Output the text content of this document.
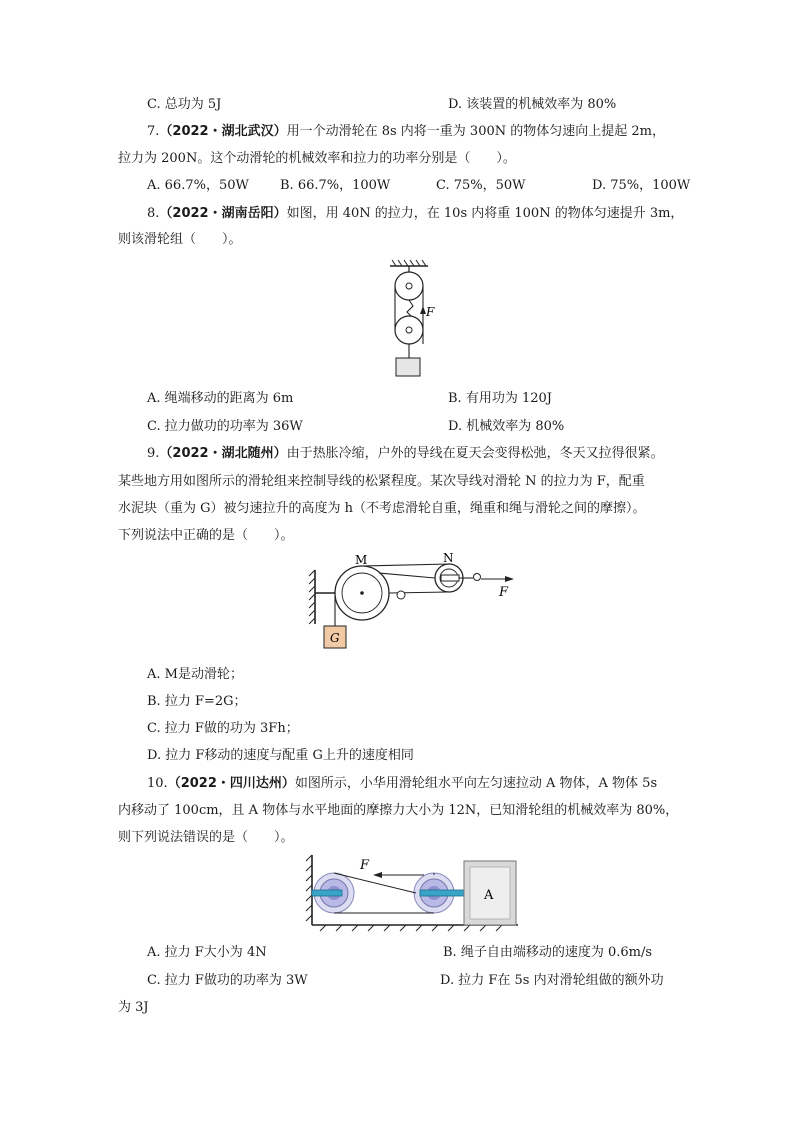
C. 总功为 5J	D. 该装置的机械效率为 80%
7.（2022・湖北武汉）用一个动滑轮在 8s 内将一重为 300N 的物体匀速向上提起 2m，
拉力为 200N。这个动滑轮的机械效率和拉力的功率分别是（　　）。
A. 66.7%，50W B. 66.7%，100W	C. 75%，50W	D. 75%，100W
8.（2022・湖南岳阳）如图，用 40N 的拉力，在 10s 内将重 100N 的物体匀速提升 3m，
则该滑轮组（　　）。
F
A. 绳端移动的距离为 6m	B. 有用功为 120J
C. 拉力做功的功率为 36W	D. 机械效率为 80%
9.（2022・湖北随州）由于热胀冷缩，户外的导线在夏天会变得松弛，冬天又拉得很紧。
某些地方用如图所示的滑轮组来控制导线的松紧程度。某次导线对滑轮 N 的拉力为 F，配重
水泥块（重为 G）被匀速拉升的高度为 h（不考虑滑轮自重，绳重和绳与滑轮之间的摩擦）。
下列说法中正确的是（　　）。
M	N
F
G
A. M是动滑轮；
B. 拉力 F=2G；
C. 拉力 F做的功为 3Fh；
D. 拉力 F移动的速度与配重 G上升的速度相同
10.（2022・四川达州）如图所示，小华用滑轮组水平向左匀速拉动 A 物体，A 物体 5s
内移动了 100cm，且 A 物体与水平地面的摩擦力大小为 12N，已知滑轮组的机械效率为 80%，
则下列说法错误的是（　　）。
F
A
A. 拉力 F大小为 4N	B. 绳子自由端移动的速度为 0.6m/s
C. 拉力 F做功的功率为 3W	D. 拉力 F在 5s 内对滑轮组做的额外功
为 3J
